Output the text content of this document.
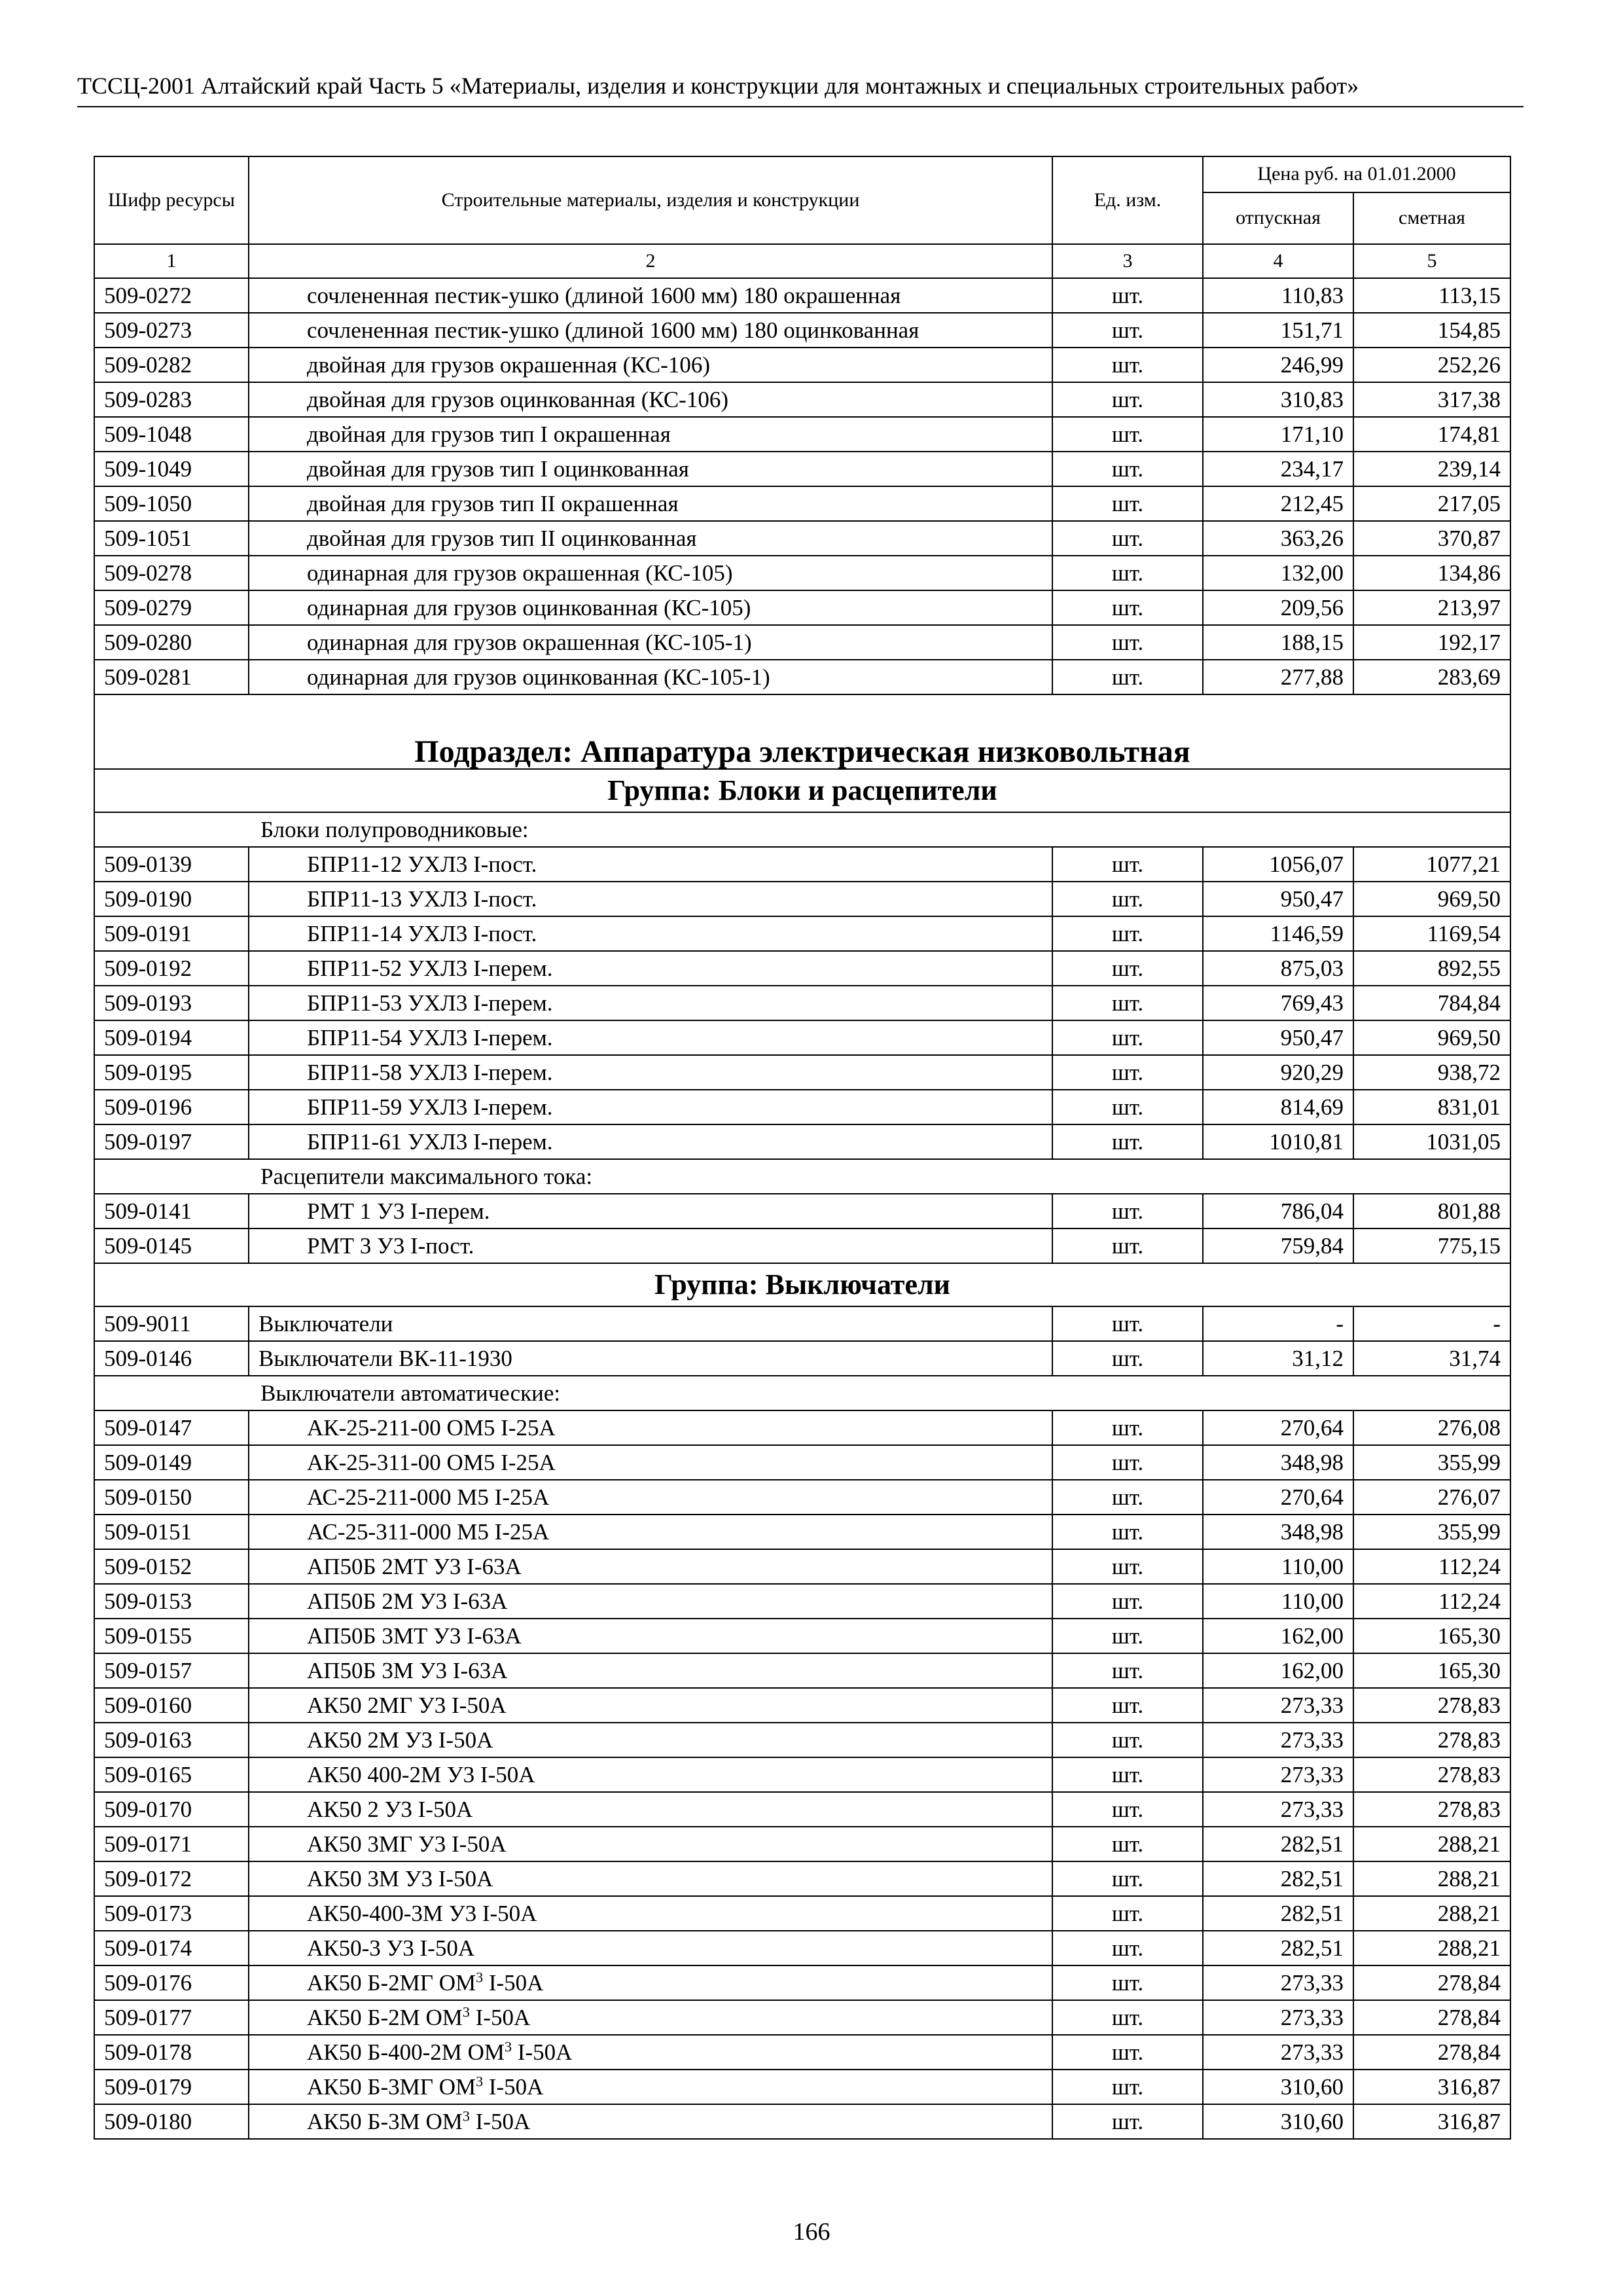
ТССЦ-2001 Алтайский край Часть 5 «Материалы, изделия и конструкции для монтажных и специальных строительных работ»
Шифр ресурсы	Строительные материалы, изделия и конструкции	Ед. изм.	Цена руб. на 01.01.2000	
			отпускная	сметная
1	2	3	4	5
509-0272	сочлененная пестик-ушко (длиной 1600 мм) 180 окрашенная	шт.	110,83	113,15
509-0273	сочлененная пестик-ушко (длиной 1600 мм) 180 оцинкованная	шт.	151,71	154,85
509-0282	двойная для грузов окрашенная (КС-106)	шт.	246,99	252,26
509-0283	двойная для грузов оцинкованная (КС-106)	шт.	310,83	317,38
509-1048	двойная для грузов тип I окрашенная	шт.	171,10	174,81
509-1049	двойная для грузов тип I оцинкованная	шт.	234,17	239,14
509-1050	двойная для грузов тип II окрашенная	шт.	212,45	217,05
509-1051	двойная для грузов тип II оцинкованная	шт.	363,26	370,87
509-0278	одинарная для грузов окрашенная (КС-105)	шт.	132,00	134,86
509-0279	одинарная для грузов оцинкованная (КС-105)	шт.	209,56	213,97
509-0280	одинарная для грузов окрашенная (КС-105-1)	шт.	188,15	192,17
509-0281	одинарная для грузов оцинкованная (КС-105-1)	шт.	277,88	283,69
Подраздел: Аппаратура электрическая низковольтная				
Группа: Блоки и расцепители				
Блоки полупроводниковые:				
509-0139	БПР11-12 УХЛ3 I-пост.	шт.	1056,07	1077,21
509-0190	БПР11-13 УХЛ3 I-пост.	шт.	950,47	969,50
509-0191	БПР11-14 УХЛ3 I-пост.	шт.	1146,59	1169,54
509-0192	БПР11-52 УХЛ3 I-перем.	шт.	875,03	892,55
509-0193	БПР11-53 УХЛ3 I-перем.	шт.	769,43	784,84
509-0194	БПР11-54 УХЛ3 I-перем.	шт.	950,47	969,50
509-0195	БПР11-58 УХЛ3 I-перем.	шт.	920,29	938,72
509-0196	БПР11-59 УХЛ3 I-перем.	шт.	814,69	831,01
509-0197	БПР11-61 УХЛ3 I-перем.	шт.	1010,81	1031,05
Расцепители максимального тока:				
509-0141	РМТ 1 У3 I-перем.	шт.	786,04	801,88
509-0145	РМТ 3 У3 I-пост.	шт.	759,84	775,15
Группа: Выключатели				
509-9011	Выключатели	шт.	-	-
509-0146	Выключатели ВК-11-1930	шт.	31,12	31,74
Выключатели автоматические:				
509-0147	АК-25-211-00 ОМ5 I-25А	шт.	270,64	276,08
509-0149	АК-25-311-00 ОМ5 I-25А	шт.	348,98	355,99
509-0150	АС-25-211-000 М5 I-25А	шт.	270,64	276,07
509-0151	АС-25-311-000 М5 I-25А	шт.	348,98	355,99
509-0152	АП50Б 2МТ У3 I-63А	шт.	110,00	112,24
509-0153	АП50Б 2М У3 I-63А	шт.	110,00	112,24
509-0155	АП50Б 3МТ У3 I-63А	шт.	162,00	165,30
509-0157	АП50Б 3М У3 I-63А	шт.	162,00	165,30
509-0160	АК50 2МГ У3 I-50А	шт.	273,33	278,83
509-0163	АК50 2М У3 I-50А	шт.	273,33	278,83
509-0165	АК50 400-2М У3 I-50А	шт.	273,33	278,83
509-0170	АК50 2 У3 I-50А	шт.	273,33	278,83
509-0171	АК50 3МГ У3 I-50А	шт.	282,51	288,21
509-0172	АК50 3М У3 I-50А	шт.	282,51	288,21
509-0173	АК50-400-3М У3 I-50А	шт.	282,51	288,21
509-0174	АК50-3 У3 I-50А	шт.	282,51	288,21
509-0176	АК50 Б-2МГ $ОМ^3$ I-50А	шт.	273,33	278,84
509-0177	АК50 Б-2М $ОМ^3$ I-50А	шт.	273,33	278,84
509-0178	АК50 Б-400-2М $ОМ^3$ I-50А	шт.	273,33	278,84
509-0179	АК50 Б-3МГ $ОМ^3$ I-50А	шт.	310,60	316,87
509-0180	АК50 Б-3М $ОМ^3$ I-50А	шт.	310,60	316,87
166
